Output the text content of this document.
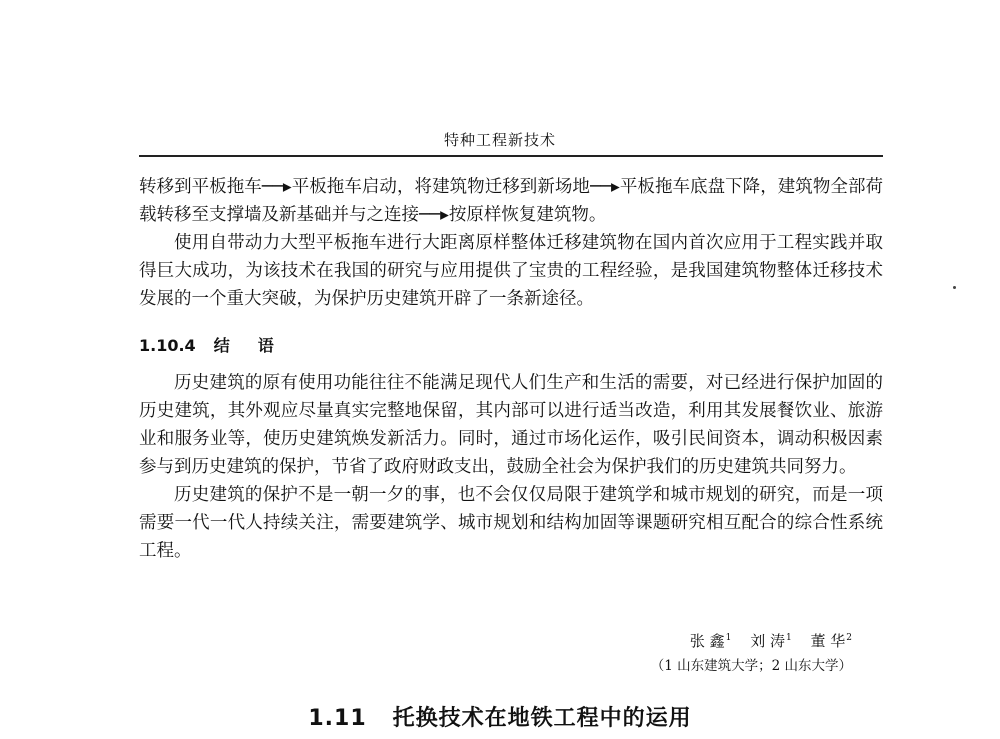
特种工程新技术

转移到平板拖车──▸平板拖车启动，将建筑物迁移到新场地──▸平板拖车底盘下降，建筑物全部荷载转移至支撑墙及新基础并与之连接──▸按原样恢复建筑物。

使用自带动力大型平板拖车进行大距离原样整体迁移建筑物在国内首次应用于工程实践并取得巨大成功，为该技术在我国的研究与应用提供了宝贵的工程经验，是我国建筑物整体迁移技术发展的一个重大突破，为保护历史建筑开辟了一条新途径。

1.10.4 结语

历史建筑的原有使用功能往往不能满足现代人们生产和生活的需要，对已经进行保护加固的历史建筑，其外观应尽量真实完整地保留，其内部可以进行适当改造，利用其发展餐饮业、旅游业和服务业等，使历史建筑焕发新活力。同时，通过市场化运作，吸引民间资本，调动积极因素参与到历史建筑的保护，节省了政府财政支出，鼓励全社会为保护我们的历史建筑共同努力。

历史建筑的保护不是一朝一夕的事，也不会仅仅局限于建筑学和城市规划的研究，而是一项需要一代一代人持续关注，需要建筑学、城市规划和结构加固等课题研究相互配合的综合性系统工程。

张 鑫$^1$ 刘 涛$^1$ 董 华$^2$
（1 山东建筑大学；2 山东大学）
1.11 托换技术在地铁工程中的运用
